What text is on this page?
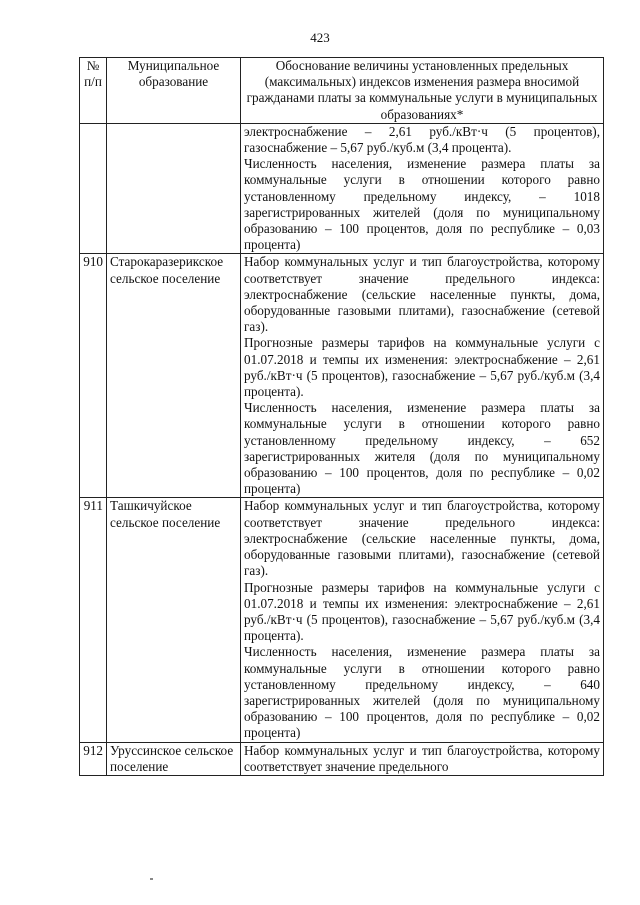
423
№ п/п	Муниципальное образование	Обоснование величины установленных предельных (максимальных) индексов изменения размера вносимой гражданами платы за коммунальные услуги в муниципальных образованиях*

		электроснабжение – 2,61 руб./кВт·ч (5 процентов), газоснабжение – 5,67 руб./куб.м (3,4 процента).

Численность населения, изменение размера платы за коммунальные услуги в отношении которого равно установленному предельному индексу, – 1018 зарегистрированных жителей (доля по муниципальному образованию – 100 процентов, доля по республике – 0,03 процента)

910	Старокаразерикское сельское поселение	Набор коммунальных услуг и тип благоустройства, которому соответствует значение предельного индекса: электроснабжение (сельские населенные пункты, дома, оборудованные газовыми плитами), газоснабжение (сетевой газ).

Прогнозные размеры тарифов на коммунальные услуги с 01.07.2018 и темпы их изменения: электроснабжение – 2,61 руб./кВт·ч (5 процентов), газоснабжение – 5,67 руб./куб.м (3,4 процента).

Численность населения, изменение размера платы за коммунальные услуги в отношении которого равно установленному предельному индексу, – 652 зарегистрированных жителя (доля по муниципальному образованию – 100 процентов, доля по республике – 0,02 процента)

911	Ташкичуйское сельское поселение	Набор коммунальных услуг и тип благоустройства, которому соответствует значение предельного индекса: электроснабжение (сельские населенные пункты, дома, оборудованные газовыми плитами), газоснабжение (сетевой газ).

Прогнозные размеры тарифов на коммунальные услуги с 01.07.2018 и темпы их изменения: электроснабжение – 2,61 руб./кВт·ч (5 процентов), газоснабжение – 5,67 руб./куб.м (3,4 процента).

Численность населения, изменение размера платы за коммунальные услуги в отношении которого равно установленному предельному индексу, – 640 зарегистрированных жителей (доля по муниципальному образованию – 100 процентов, доля по республике – 0,02 процента)

912	Уруссинское сельское поселение	Набор коммунальных услуг и тип благоустройства, которому соответствует значение предельного
